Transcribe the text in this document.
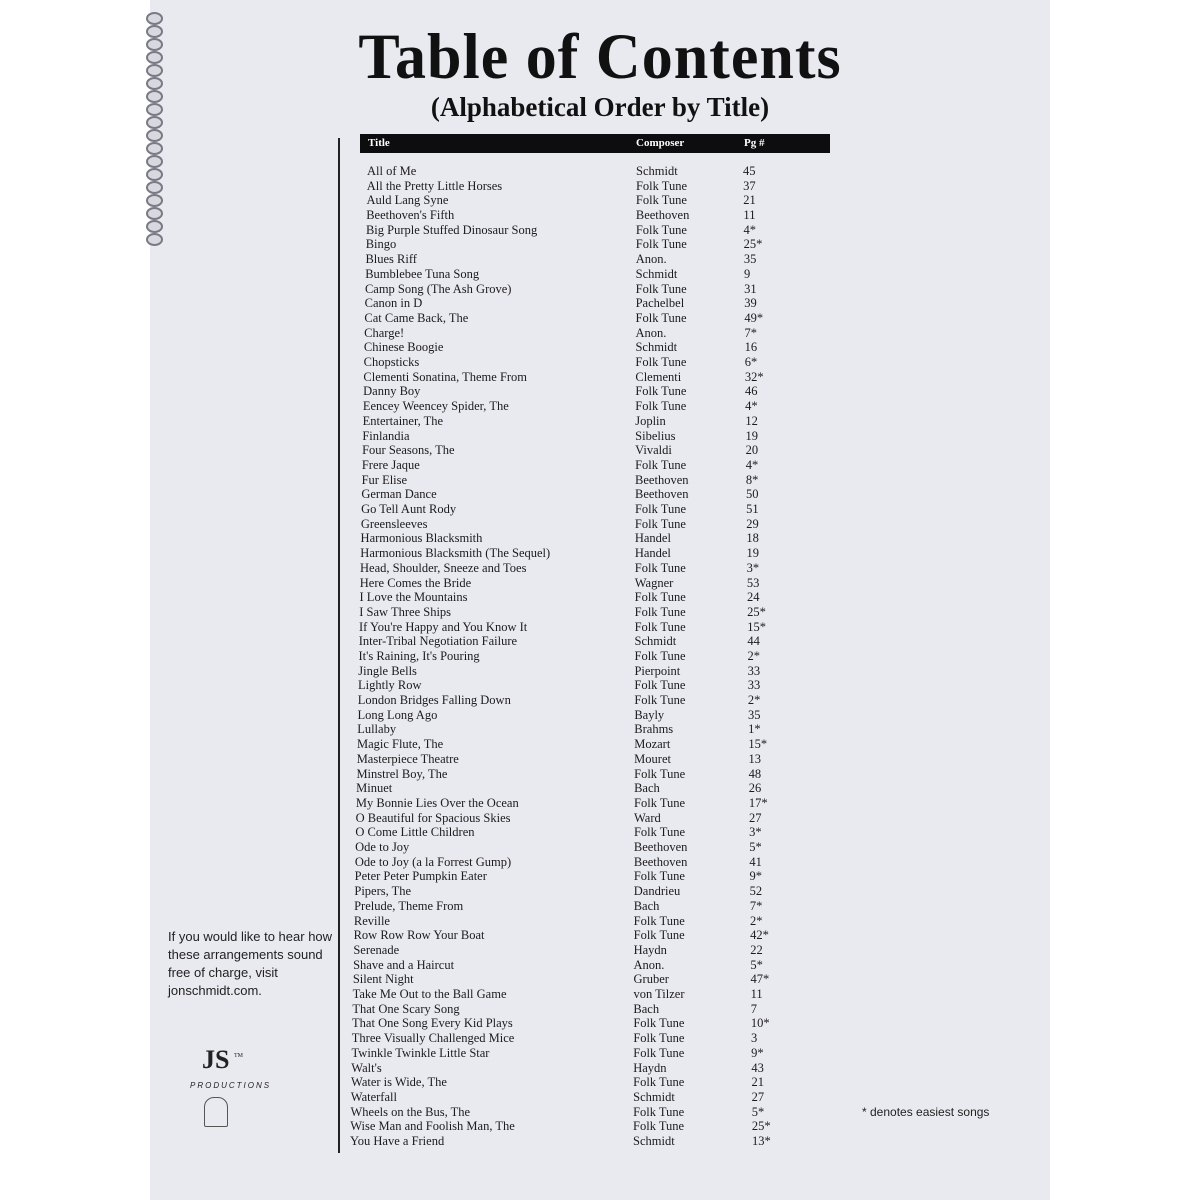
Table of Contents
(Alphabetical Order by Title)
Title	Composer	Pg #
All of Me	Schmidt	45
All the Pretty Little Horses	Folk Tune	37
Auld Lang Syne	Folk Tune	21
Beethoven's Fifth	Beethoven	11
Big Purple Stuffed Dinosaur Song	Folk Tune	4*
Bingo	Folk Tune	25*
Blues Riff	Anon.	35
Bumblebee Tuna Song	Schmidt	9
Camp Song (The Ash Grove)	Folk Tune	31
Canon in D	Pachelbel	39
Cat Came Back, The	Folk Tune	49*
Charge!	Anon.	7*
Chinese Boogie	Schmidt	16
Chopsticks	Folk Tune	6*
Clementi Sonatina, Theme From	Clementi	32*
Danny Boy	Folk Tune	46
Eencey Weencey Spider, The	Folk Tune	4*
Entertainer, The	Joplin	12
Finlandia	Sibelius	19
Four Seasons, The	Vivaldi	20
Frere Jaque	Folk Tune	4*
Fur Elise	Beethoven	8*
German Dance	Beethoven	50
Go Tell Aunt Rody	Folk Tune	51
Greensleeves	Folk Tune	29
Harmonious Blacksmith	Handel	18
Harmonious Blacksmith (The Sequel)	Handel	19
Head, Shoulder, Sneeze and Toes	Folk Tune	3*
Here Comes the Bride	Wagner	53
I Love the Mountains	Folk Tune	24
I Saw Three Ships	Folk Tune	25*
If You're Happy and You Know It	Folk Tune	15*
Inter-Tribal Negotiation Failure	Schmidt	44
It's Raining, It's Pouring	Folk Tune	2*
Jingle Bells	Pierpoint	33
Lightly Row	Folk Tune	33
London Bridges Falling Down	Folk Tune	2*
Long Long Ago	Bayly	35
Lullaby	Brahms	1*
Magic Flute, The	Mozart	15*
Masterpiece Theatre	Mouret	13
Minstrel Boy, The	Folk Tune	48
Minuet	Bach	26
My Bonnie Lies Over the Ocean	Folk Tune	17*
O Beautiful for Spacious Skies	Ward	27
O Come Little Children	Folk Tune	3*
Ode to Joy	Beethoven	5*
Ode to Joy (a la Forrest Gump)	Beethoven	41
Peter Peter Pumpkin Eater	Folk Tune	9*
Pipers, The	Dandrieu	52
Prelude, Theme From	Bach	7*
Reville	Folk Tune	2*
Row Row Row Your Boat	Folk Tune	42*
Serenade	Haydn	22
Shave and a Haircut	Anon.	5*
Silent Night	Gruber	47*
Take Me Out to the Ball Game	von Tilzer	11
That One Scary Song	Bach	7
That One Song Every Kid Plays	Folk Tune	10*
Three Visually Challenged Mice	Folk Tune	3
Twinkle Twinkle Little Star	Folk Tune	9*
Walt's	Haydn	43
Water is Wide, The	Folk Tune	21
Waterfall	Schmidt	27
Wheels on the Bus, The	Folk Tune	5*
Wise Man and Foolish Man, The	Folk Tune	25*
You Have a Friend	Schmidt	13*
If you would like to hear how these arrangements sound free of charge, visit jonschmidt.com.
JS TM
PRODUCTIONS
* denotes easiest songs
